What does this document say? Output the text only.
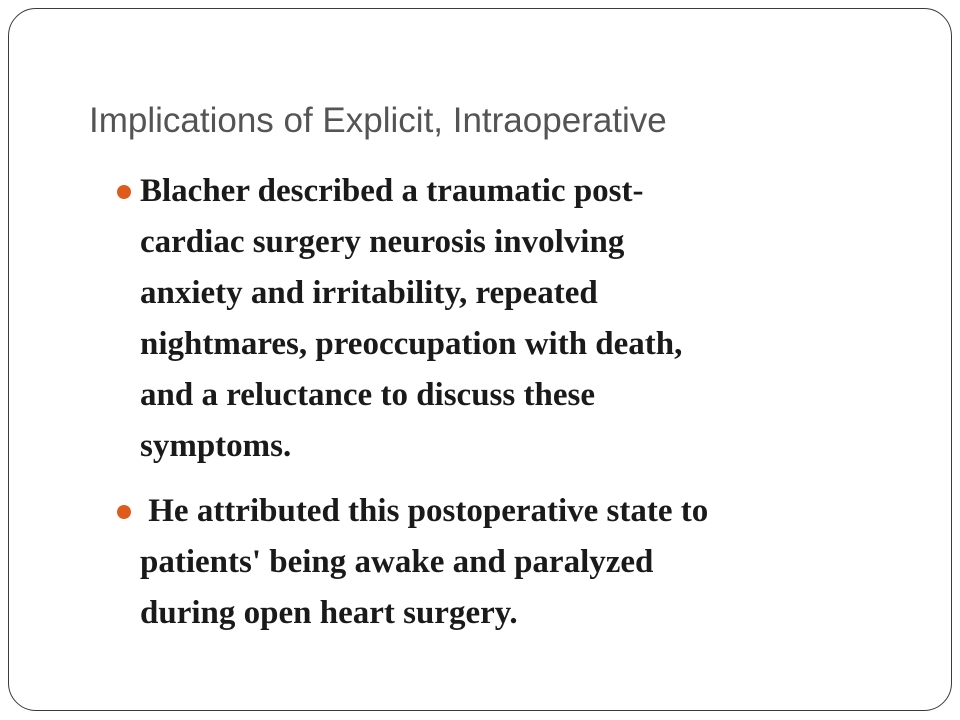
Implications of Explicit, Intraoperative
Blacher described a traumatic post-
cardiac surgery neurosis involving
anxiety and irritability, repeated
nightmares, preoccupation with death,
and a reluctance to discuss these
symptoms.
He attributed this postoperative state to
patients' being awake and paralyzed
during open heart surgery.
